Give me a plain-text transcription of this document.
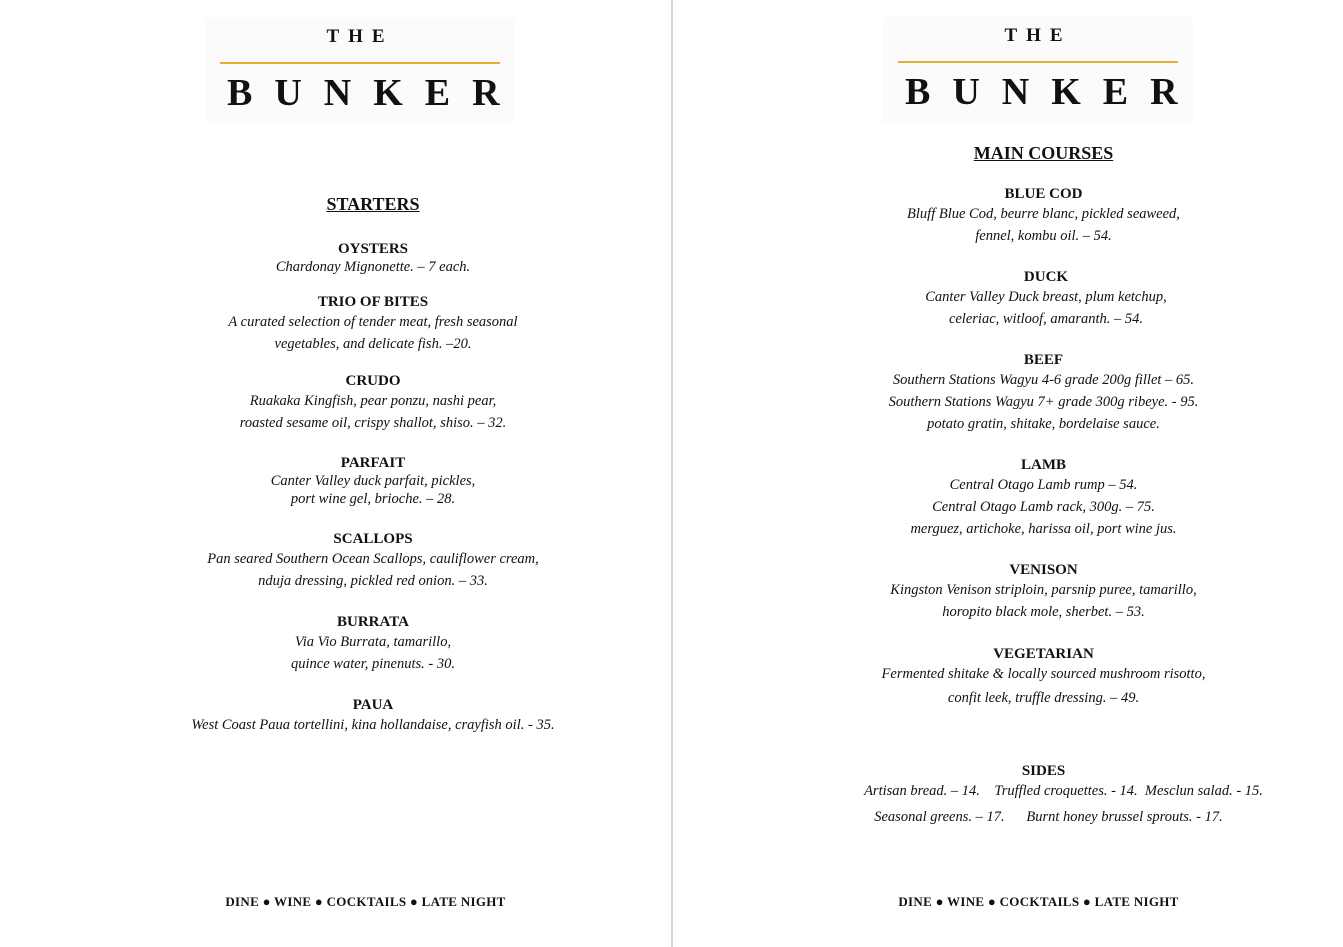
THE
BUNKER
STARTERS
OYSTERS
Chardonay Mignonette. – 7 each.
TRIO OF BITES
A curated selection of tender meat, fresh seasonal
vegetables, and delicate fish. –20.
CRUDO
Ruakaka Kingfish, pear ponzu, nashi pear,
roasted sesame oil, crispy shallot, shiso. – 32.
PARFAIT
Canter Valley duck parfait, pickles,
port wine gel, brioche. – 28.
SCALLOPS
Pan seared Southern Ocean Scallops, cauliflower cream,
nduja dressing, pickled red onion. – 33.
BURRATA
Via Vio Burrata, tamarillo,
quince water, pinenuts. - 30.
PAUA
West Coast Paua tortellini, kina hollandaise, crayfish oil. - 35.
DINE ● WINE ● COCKTAILS ● LATE NIGHT
THE
BUNKER
MAIN COURSES
BLUE COD
Bluff Blue Cod, beurre blanc, pickled seaweed,
fennel, kombu oil. – 54.
DUCK
Canter Valley Duck breast, plum ketchup,
celeriac, witloof, amaranth. – 54.
BEEF
Southern Stations Wagyu 4-6 grade 200g fillet – 65.
Southern Stations Wagyu 7+ grade 300g ribeye. - 95.
potato gratin, shitake, bordelaise sauce.
LAMB
Central Otago Lamb rump – 54.
Central Otago Lamb rack, 300g. – 75.
merguez, artichoke, harissa oil, port wine jus.
VENISON
Kingston Venison striploin, parsnip puree, tamarillo,
horopito black mole, sherbet. – 53.
VEGETARIAN
Fermented shitake & locally sourced mushroom risotto,
confit leek, truffle dressing. – 49.
SIDES
Artisan bread. – 14.    Truffled croquettes. - 14.  Mesclun salad. - 15.
Seasonal greens. – 17.      Burnt honey brussel sprouts. - 17.
DINE ● WINE ● COCKTAILS ● LATE NIGHT
